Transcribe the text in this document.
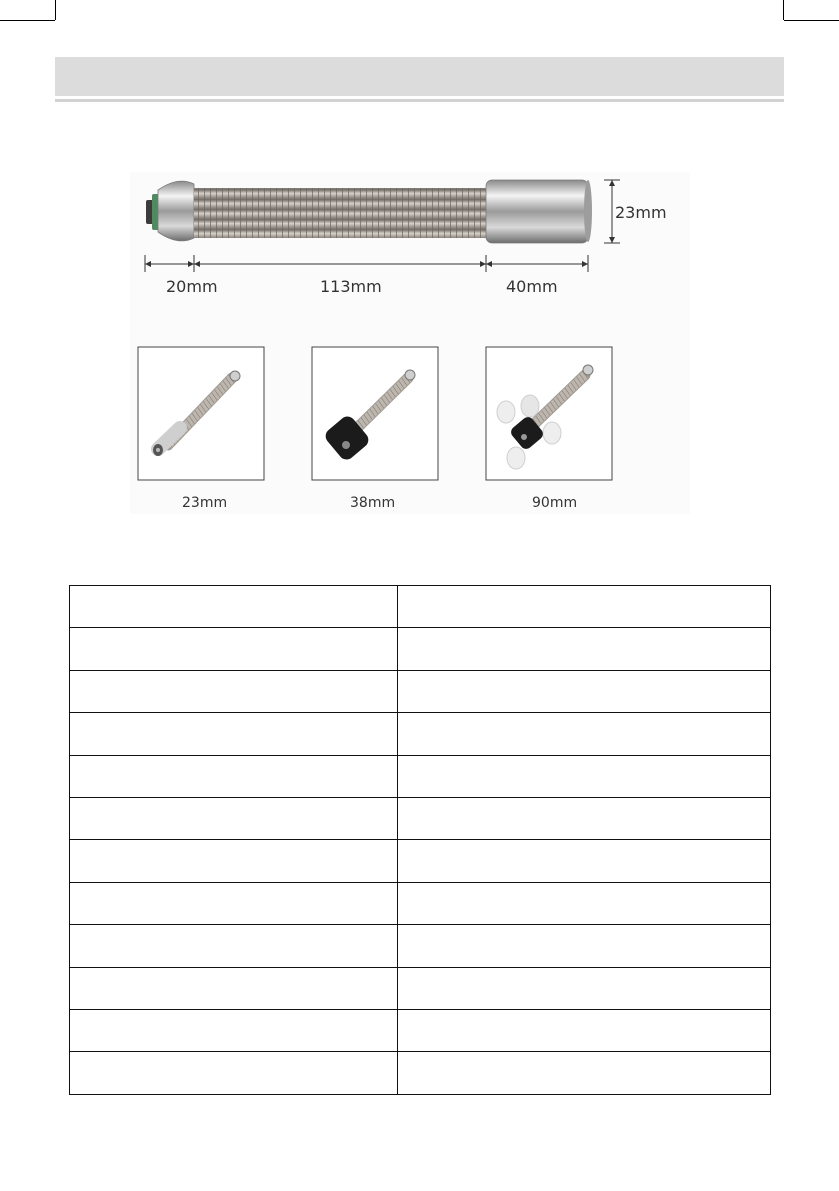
20mm	113mm	40mm
23mm
23mm	38mm	90mm
